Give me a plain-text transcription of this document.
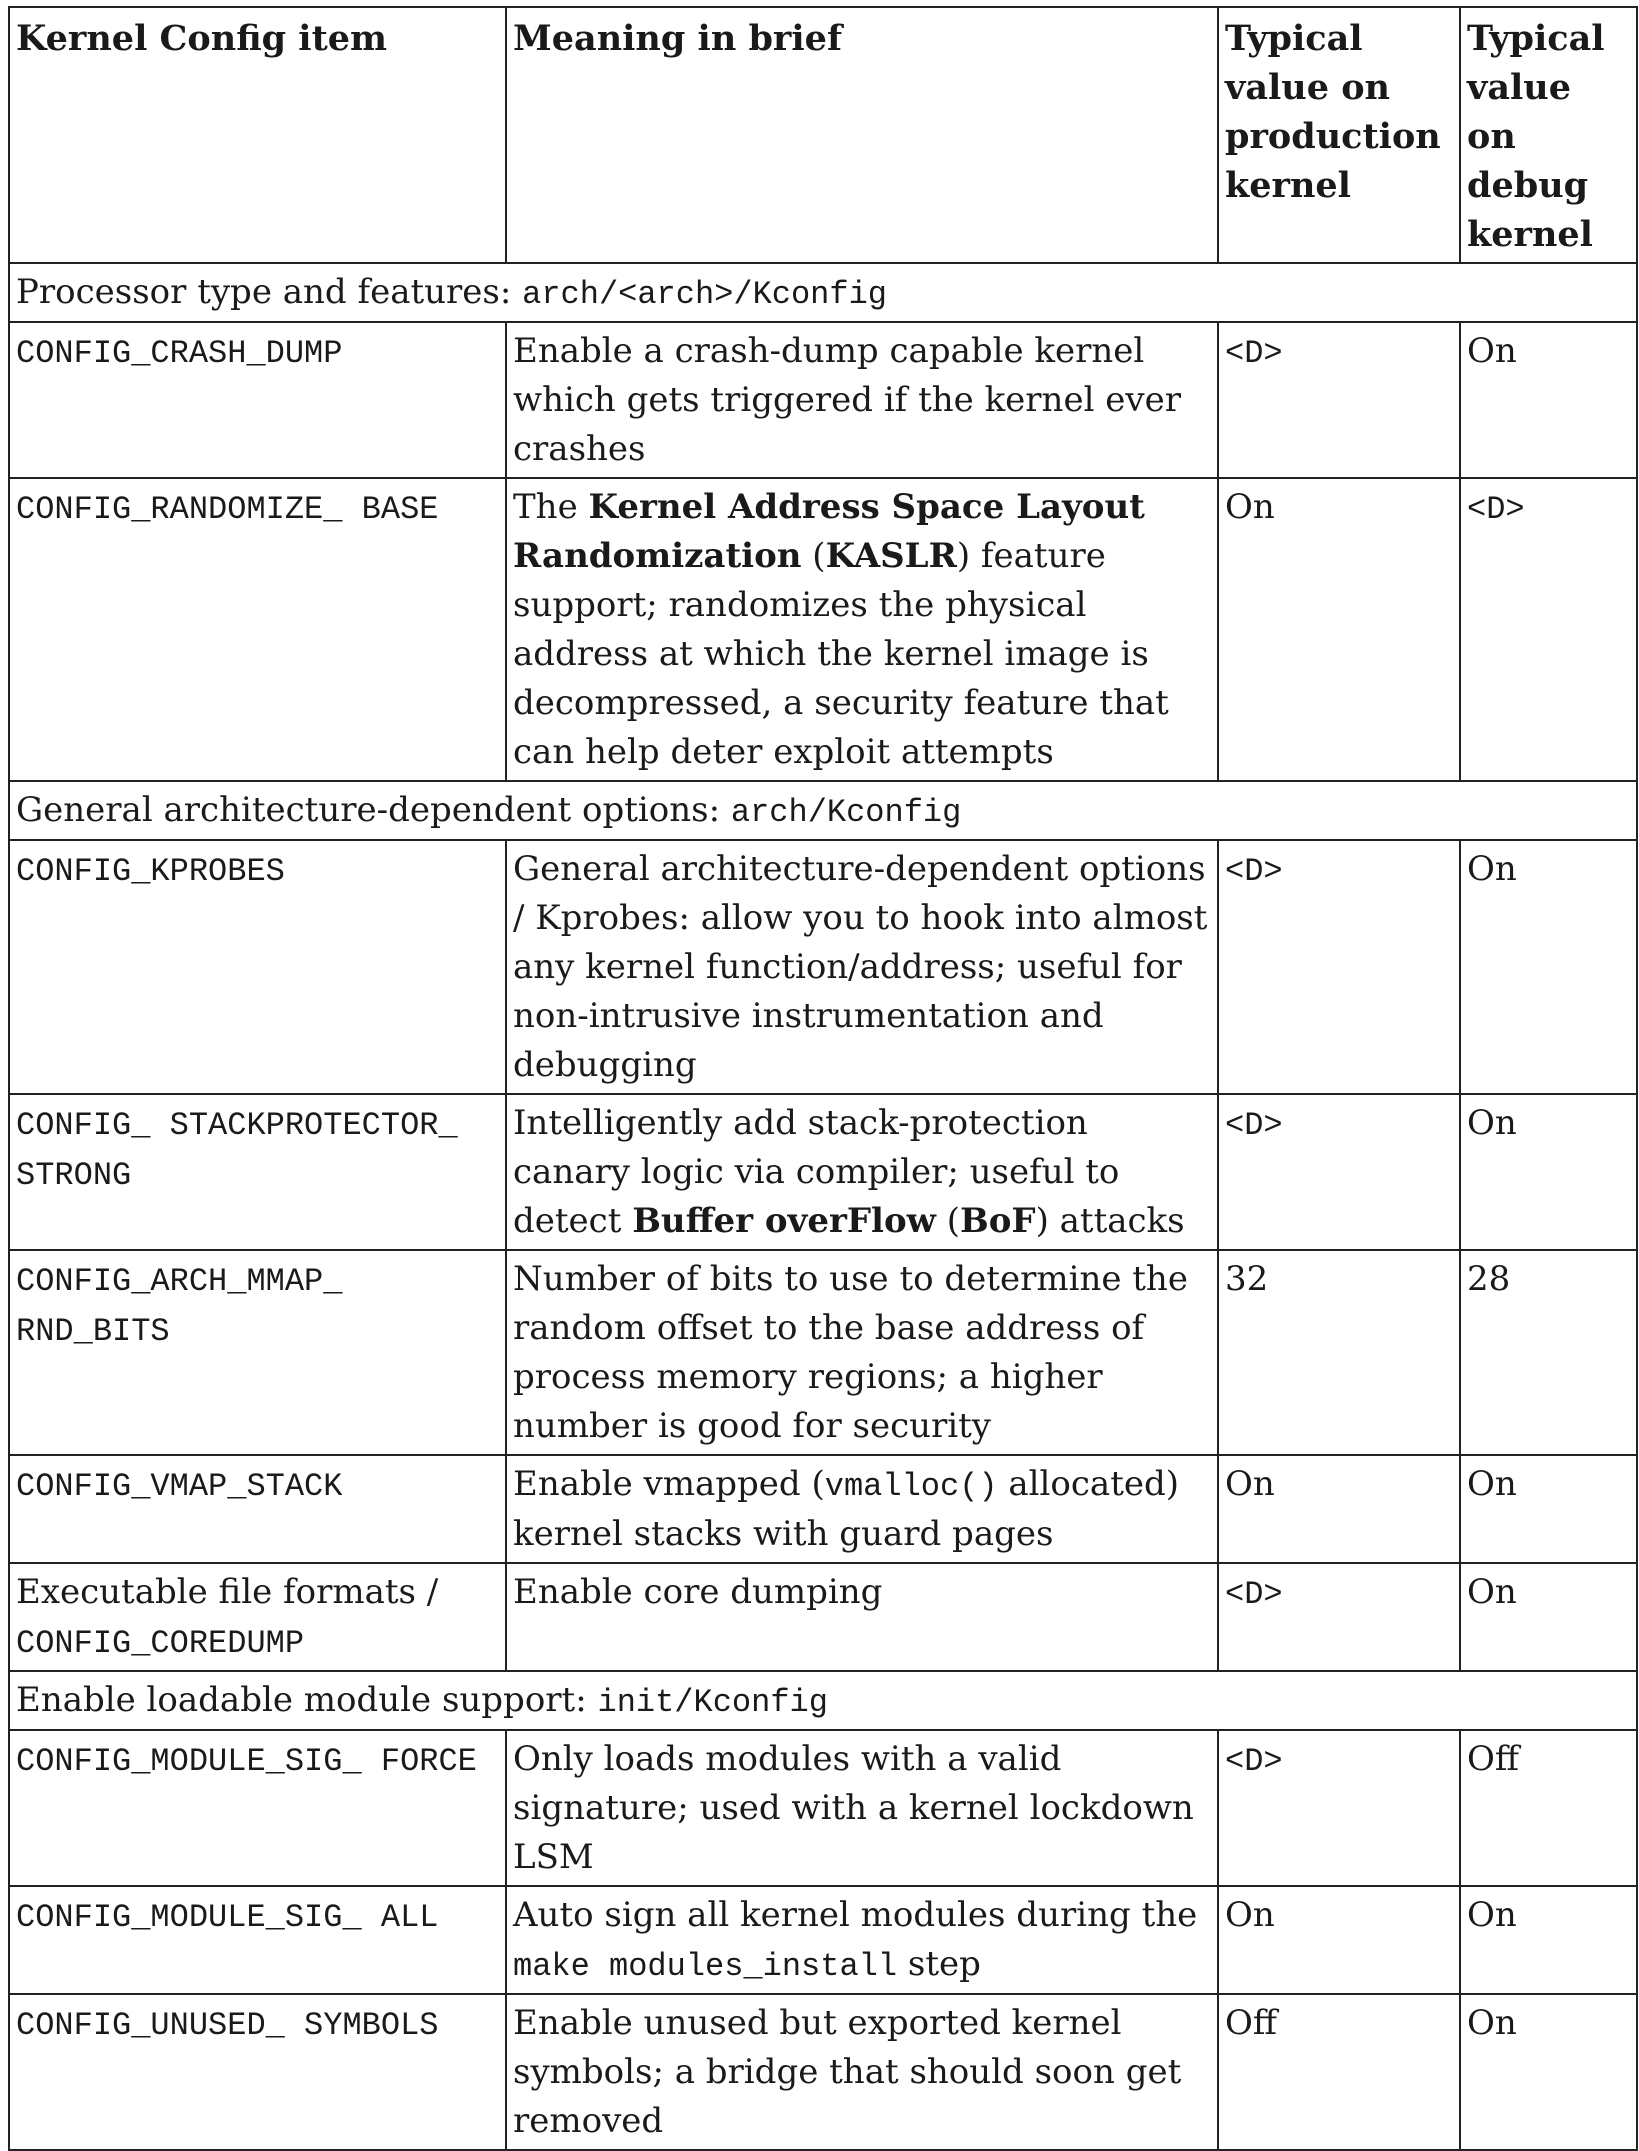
Kernel Config item	Meaning in brief	Typical value on production kernel	Typical value on debug kernel
Processor type and features: arch/<arch>/Kconfig			
CONFIG_CRASH_DUMP	Enable a crash-dump capable kernel which gets triggered if the kernel ever crashes	<D>	On
CONFIG_RANDOMIZE_ BASE	The Kernel Address Space Layout Randomization (KASLR) feature support; randomizes the physical address at which the kernel image is decompressed, a security feature that can help deter exploit attempts	On	<D>
General architecture-dependent options: arch/Kconfig			
CONFIG_KPROBES	General architecture-dependent options / Kprobes: allow you to hook into almost any kernel function/address; useful for non-intrusive instrumentation and debugging	<D>	On
CONFIG_ STACKPROTECTOR_ STRONG	Intelligently add stack-protection canary logic via compiler; useful to detect Buffer overFlow (BoF) attacks	<D>	On
CONFIG_ARCH_MMAP_ RND_BITS	Number of bits to use to determine the random offset to the base address of process memory regions; a higher number is good for security	32	28
CONFIG_VMAP_STACK	Enable vmapped (vmalloc() allocated) kernel stacks with guard pages	On	On
Executable file formats / CONFIG_COREDUMP	Enable core dumping	<D>	On
Enable loadable module support: init/Kconfig			
CONFIG_MODULE_SIG_ FORCE	Only loads modules with a valid signature; used with a kernel lockdown LSM	<D>	Off
CONFIG_MODULE_SIG_ ALL	Auto sign all kernel modules during the make modules_install step	On	On
CONFIG_UNUSED_ SYMBOLS	Enable unused but exported kernel symbols; a bridge that should soon get removed	Off	On
